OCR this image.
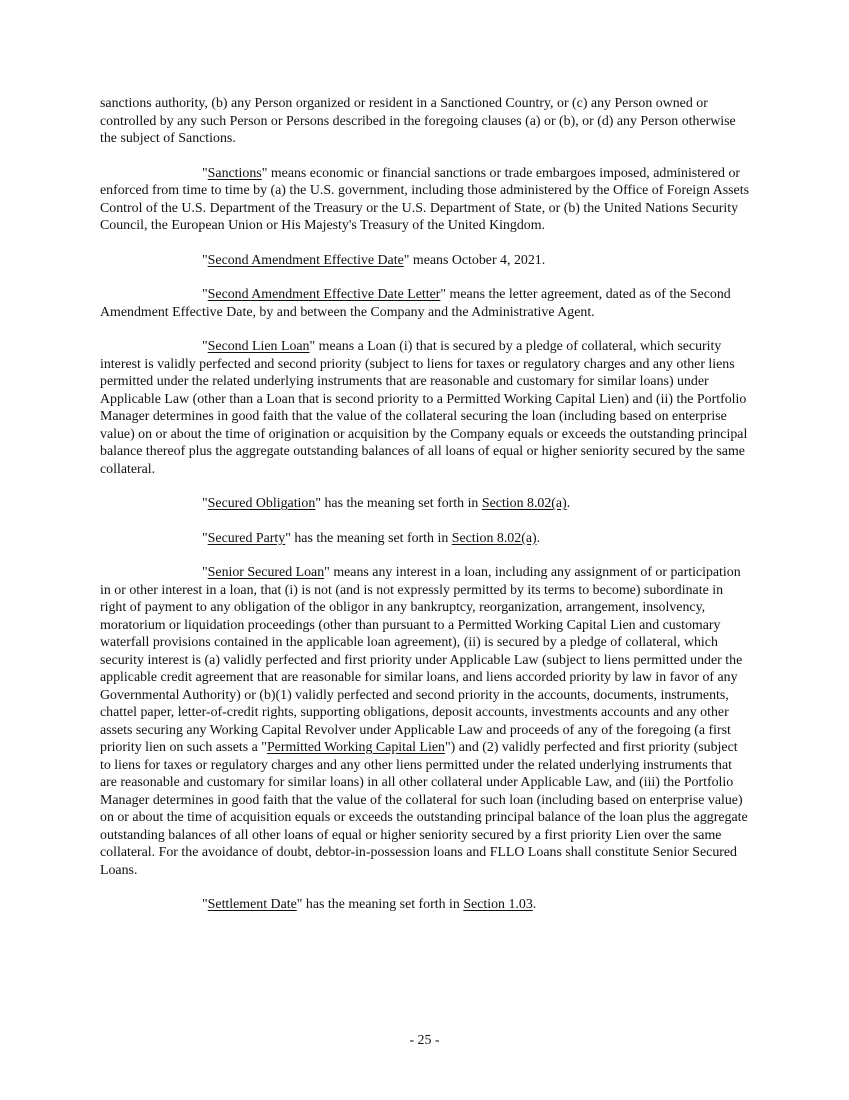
sanctions authority, (b) any Person organized or resident in a Sanctioned Country, or (c) any Person owned or controlled by any such Person or Persons described in the foregoing clauses (a) or (b), or (d) any Person otherwise the subject of Sanctions.

"Sanctions" means economic or financial sanctions or trade embargoes imposed, administered or enforced from time to time by (a) the U.S. government, including those administered by the Office of Foreign Assets Control of the U.S. Department of the Treasury or the U.S. Department of State, or (b) the United Nations Security Council, the European Union or His Majesty's Treasury of the United Kingdom.

"Second Amendment Effective Date" means October 4, 2021.

"Second Amendment Effective Date Letter" means the letter agreement, dated as of the Second Amendment Effective Date, by and between the Company and the Administrative Agent.

"Second Lien Loan" means a Loan (i) that is secured by a pledge of collateral, which security interest is validly perfected and second priority (subject to liens for taxes or regulatory charges and any other liens permitted under the related underlying instruments that are reasonable and customary for similar loans) under Applicable Law (other than a Loan that is second priority to a Permitted Working Capital Lien) and (ii) the Portfolio Manager determines in good faith that the value of the collateral securing the loan (including based on enterprise value) on or about the time of origination or acquisition by the Company equals or exceeds the outstanding principal balance thereof plus the aggregate outstanding balances of all loans of equal or higher seniority secured by the same collateral.

"Secured Obligation" has the meaning set forth in Section 8.02(a).

"Secured Party" has the meaning set forth in Section 8.02(a).

"Senior Secured Loan" means any interest in a loan, including any assignment of or participation in or other interest in a loan, that (i) is not (and is not expressly permitted by its terms to become) subordinate in right of payment to any obligation of the obligor in any bankruptcy, reorganization, arrangement, insolvency, moratorium or liquidation proceedings (other than pursuant to a Permitted Working Capital Lien and customary waterfall provisions contained in the applicable loan agreement), (ii) is secured by a pledge of collateral, which security interest is (a) validly perfected and first priority under Applicable Law (subject to liens permitted under the applicable credit agreement that are reasonable for similar loans, and liens accorded priority by law in favor of any Governmental Authority) or (b)(1) validly perfected and second priority in the accounts, documents, instruments, chattel paper, letter-of-credit rights, supporting obligations, deposit accounts, investments accounts and any other assets securing any Working Capital Revolver under Applicable Law and proceeds of any of the foregoing (a first priority lien on such assets a "Permitted Working Capital Lien") and (2) validly perfected and first priority (subject to liens for taxes or regulatory charges and any other liens permitted under the related underlying instruments that are reasonable and customary for similar loans) in all other collateral under Applicable Law, and (iii) the Portfolio Manager determines in good faith that the value of the collateral for such loan (including based on enterprise value) on or about the time of acquisition equals or exceeds the outstanding principal balance of the loan plus the aggregate outstanding balances of all other loans of equal or higher seniority secured by a first priority Lien over the same collateral. For the avoidance of doubt, debtor-in-possession loans and FLLO Loans shall constitute Senior Secured Loans.

"Settlement Date" has the meaning set forth in Section 1.03.

- 25 -
